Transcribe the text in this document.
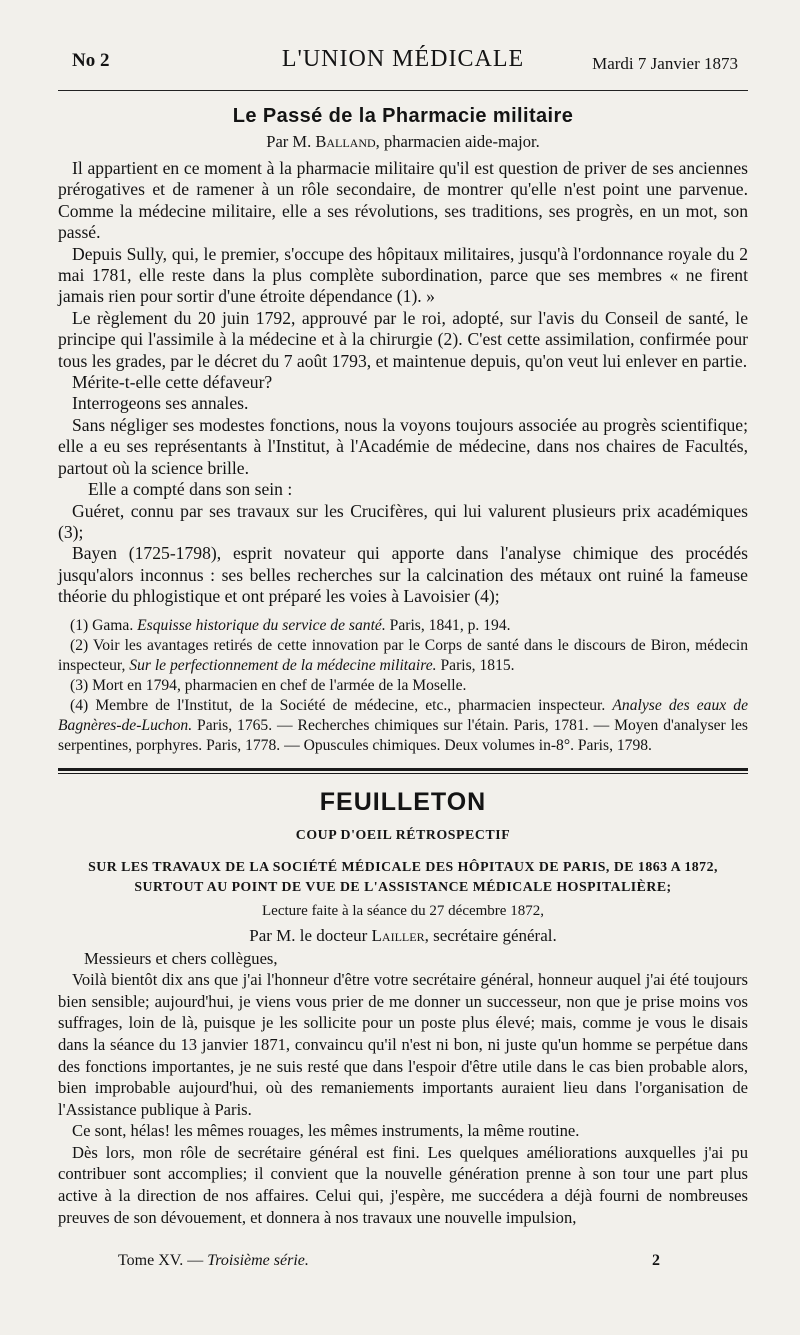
No 2	L'UNION MÉDICALE	Mardi 7 Janvier 1873
Le Passé de la Pharmacie militaire
Par M. Balland, pharmacien aide-major.

Il appartient en ce moment à la pharmacie militaire qu'il est question de priver de ses anciennes prérogatives et de ramener à un rôle secondaire, de montrer qu'elle n'est point une parvenue. Comme la médecine militaire, elle a ses révolutions, ses traditions, ses progrès, en un mot, son passé.

Depuis Sully, qui, le premier, s'occupe des hôpitaux militaires, jusqu'à l'ordonnance royale du 2 mai 1781, elle reste dans la plus complète subordination, parce que ses membres « ne firent jamais rien pour sortir d'une étroite dépendance (1). »

Le règlement du 20 juin 1792, approuvé par le roi, adopté, sur l'avis du Conseil de santé, le principe qui l'assimile à la médecine et à la chirurgie (2). C'est cette assimilation, confirmée pour tous les grades, par le décret du 7 août 1793, et maintenue depuis, qu'on veut lui enlever en partie.

Mérite-t-elle cette défaveur?

Interrogeons ses annales.

Sans négliger ses modestes fonctions, nous la voyons toujours associée au progrès scientifique; elle a eu ses représentants à l'Institut, à l'Académie de médecine, dans nos chaires de Facultés, partout où la science brille.

Elle a compté dans son sein :

Guéret, connu par ses travaux sur les Crucifères, qui lui valurent plusieurs prix académiques (3);

Bayen (1725-1798), esprit novateur qui apporte dans l'analyse chimique des procédés jusqu'alors inconnus : ses belles recherches sur la calcination des métaux ont ruiné la fameuse théorie du phlogistique et ont préparé les voies à Lavoisier (4);

(1) Gama. Esquisse historique du service de santé. Paris, 1841, p. 194.

(2) Voir les avantages retirés de cette innovation par le Corps de santé dans le discours de Biron, médecin inspecteur, Sur le perfectionnement de la médecine militaire. Paris, 1815.

(3) Mort en 1794, pharmacien en chef de l'armée de la Moselle.

(4) Membre de l'Institut, de la Société de médecine, etc., pharmacien inspecteur. Analyse des eaux de Bagnères-de-Luchon. Paris, 1765. — Recherches chimiques sur l'étain. Paris, 1781. — Moyen d'analyser les serpentines, porphyres. Paris, 1778. — Opuscules chimiques. Deux volumes in-8°. Paris, 1798.

FEUILLETON
COUP D'OEIL RÉTROSPECTIF
SUR LES TRAVAUX DE LA SOCIÉTÉ MÉDICALE DES HÔPITAUX DE PARIS, DE 1863 A 1872,
SURTOUT AU POINT DE VUE DE L'ASSISTANCE MÉDICALE HOSPITALIÈRE;
Lecture faite à la séance du 27 décembre 1872,
Par M. le docteur Lailler, secrétaire général.

Messieurs et chers collègues,

Voilà bientôt dix ans que j'ai l'honneur d'être votre secrétaire général, honneur auquel j'ai été toujours bien sensible; aujourd'hui, je viens vous prier de me donner un successeur, non que je prise moins vos suffrages, loin de là, puisque je les sollicite pour un poste plus élevé; mais, comme je vous le disais dans la séance du 13 janvier 1871, convaincu qu'il n'est ni bon, ni juste qu'un homme se perpétue dans des fonctions importantes, je ne suis resté que dans l'espoir d'être utile dans le cas bien probable alors, bien improbable aujourd'hui, où des remaniements importants auraient lieu dans l'organisation de l'Assistance publique à Paris.

Ce sont, hélas! les mêmes rouages, les mêmes instruments, la même routine.

Dès lors, mon rôle de secrétaire général est fini. Les quelques améliorations auxquelles j'ai pu contribuer sont accomplies; il convient que la nouvelle génération prenne à son tour une part plus active à la direction de nos affaires. Celui qui, j'espère, me succédera a déjà fourni de nombreuses preuves de son dévouement, et donnera à nos travaux une nouvelle impulsion,

Tome XV. — Troisième série.	2
